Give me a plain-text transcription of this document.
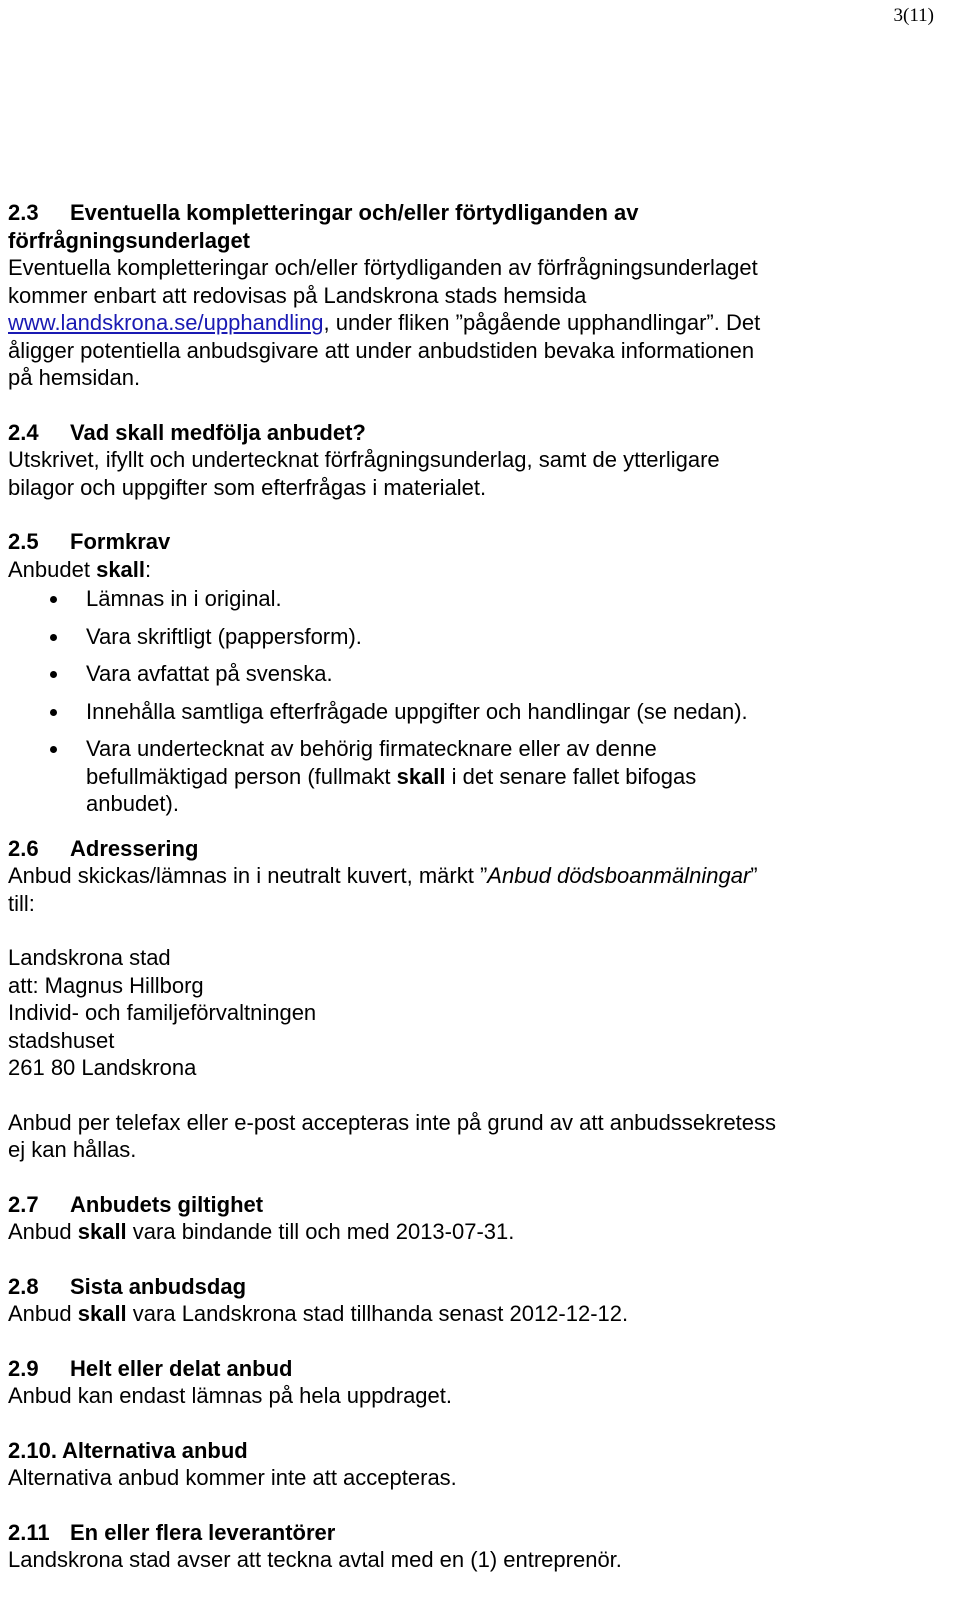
3(11)

2.3 Eventuella kompletteringar och/eller förtydliganden av

förfrågningsunderlaget

Eventuella kompletteringar och/eller förtydliganden av förfrågningsunderlaget

kommer enbart att redovisas på Landskrona stads hemsida

www.landskrona.se/upphandling, under fliken ”pågående upphandlingar”. Det

åligger potentiella anbudsgivare att under anbudstiden bevaka informationen

på hemsidan.

2.4 Vad skall medfölja anbudet?

Utskrivet, ifyllt och undertecknat förfrågningsunderlag, samt de ytterligare

bilagor och uppgifter som efterfrågas i materialet.

2.5 Formkrav

Anbudet skall:

Lämnas in i original.
Vara skriftligt (pappersform).
Vara avfattat på svenska.
Innehålla samtliga efterfrågade uppgifter och handlingar (se nedan).
Vara undertecknat av behörig firmatecknare eller av denne
befullmäktigad person (fullmakt skall i det senare fallet bifogas
anbudet).

2.6 Adressering

Anbud skickas/lämnas in i neutralt kuvert, märkt ”Anbud dödsboanmälningar”

till:

Landskrona stad

att: Magnus Hillborg

Individ- och familjeförvaltningen

stadshuset

261 80 Landskrona

Anbud per telefax eller e-post accepteras inte på grund av att anbudssekretess

ej kan hållas.

2.7 Anbudets giltighet

Anbud skall vara bindande till och med 2013-07-31.

2.8 Sista anbudsdag

Anbud skall vara Landskrona stad tillhanda senast 2012-12-12.

2.9 Helt eller delat anbud

Anbud kan endast lämnas på hela uppdraget.

2.10. Alternativa anbud

Alternativa anbud kommer inte att accepteras.

2.11 En eller flera leverantörer

Landskrona stad avser att teckna avtal med en (1) entreprenör.
